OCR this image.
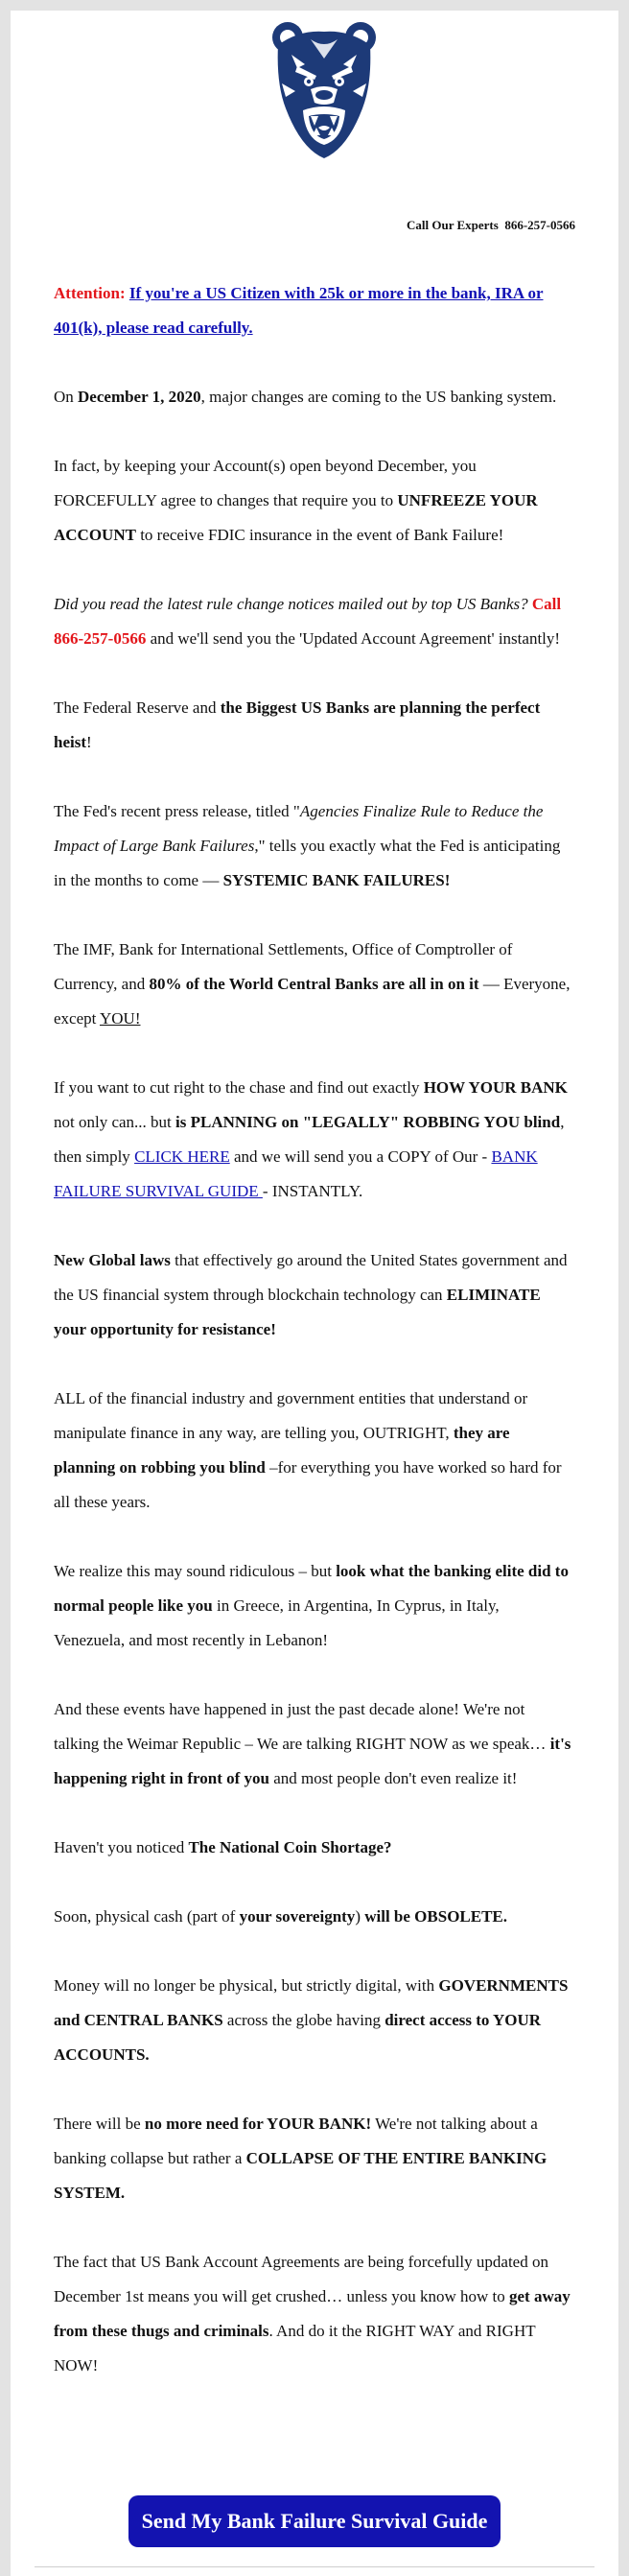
Call Our Experts 866-257-0566

Attention: If you're a US Citizen with 25k or more in the bank, IRA or 401(k), please read carefully.

On December 1, 2020, major changes are coming to the US banking system.

In fact, by keeping your Account(s) open beyond December, you FORCEFULLY agree to changes that require you to UNFREEZE YOUR ACCOUNT to receive FDIC insurance in the event of Bank Failure!

Did you read the latest rule change notices mailed out by top US Banks? Call 866-257-0566 and we'll send you the 'Updated Account Agreement' instantly!

The Federal Reserve and the Biggest US Banks are planning the perfect heist!

The Fed's recent press release, titled "Agencies Finalize Rule to Reduce the Impact of Large Bank Failures," tells you exactly what the Fed is anticipating in the months to come — SYSTEMIC BANK FAILURES!

The IMF, Bank for International Settlements, Office of Comptroller of Currency, and 80% of the World Central Banks are all in on it — Everyone, except YOU!

If you want to cut right to the chase and find out exactly HOW YOUR BANK not only can... but is PLANNING on "LEGALLY" ROBBING YOU blind, then simply CLICK HERE and we will send you a COPY of Our - BANK FAILURE SURVIVAL GUIDE - INSTANTLY.

New Global laws that effectively go around the United States government and the US financial system through blockchain technology can ELIMINATE your opportunity for resistance!

ALL of the financial industry and government entities that understand or manipulate finance in any way, are telling you, OUTRIGHT, they are planning on robbing you blind –for everything you have worked so hard for all these years.

We realize this may sound ridiculous – but look what the banking elite did to normal people like you in Greece, in Argentina, In Cyprus, in Italy, Venezuela, and most recently in Lebanon!

And these events have happened in just the past decade alone! We're not talking the Weimar Republic – We are talking RIGHT NOW as we speak… it's happening right in front of you and most people don't even realize it!

Haven't you noticed The National Coin Shortage?

Soon, physical cash (part of your sovereignty) will be OBSOLETE.

Money will no longer be physical, but strictly digital, with GOVERNMENTS and CENTRAL BANKS across the globe having direct access to YOUR ACCOUNTS.

There will be no more need for YOUR BANK! We're not talking about a banking collapse but rather a COLLAPSE OF THE ENTIRE BANKING SYSTEM.

The fact that US Bank Account Agreements are being forcefully updated on December 1st means you will get crushed… unless you know how to get away from these thugs and criminals. And do it the RIGHT WAY and RIGHT NOW!

Send My Bank Failure Survival Guide
